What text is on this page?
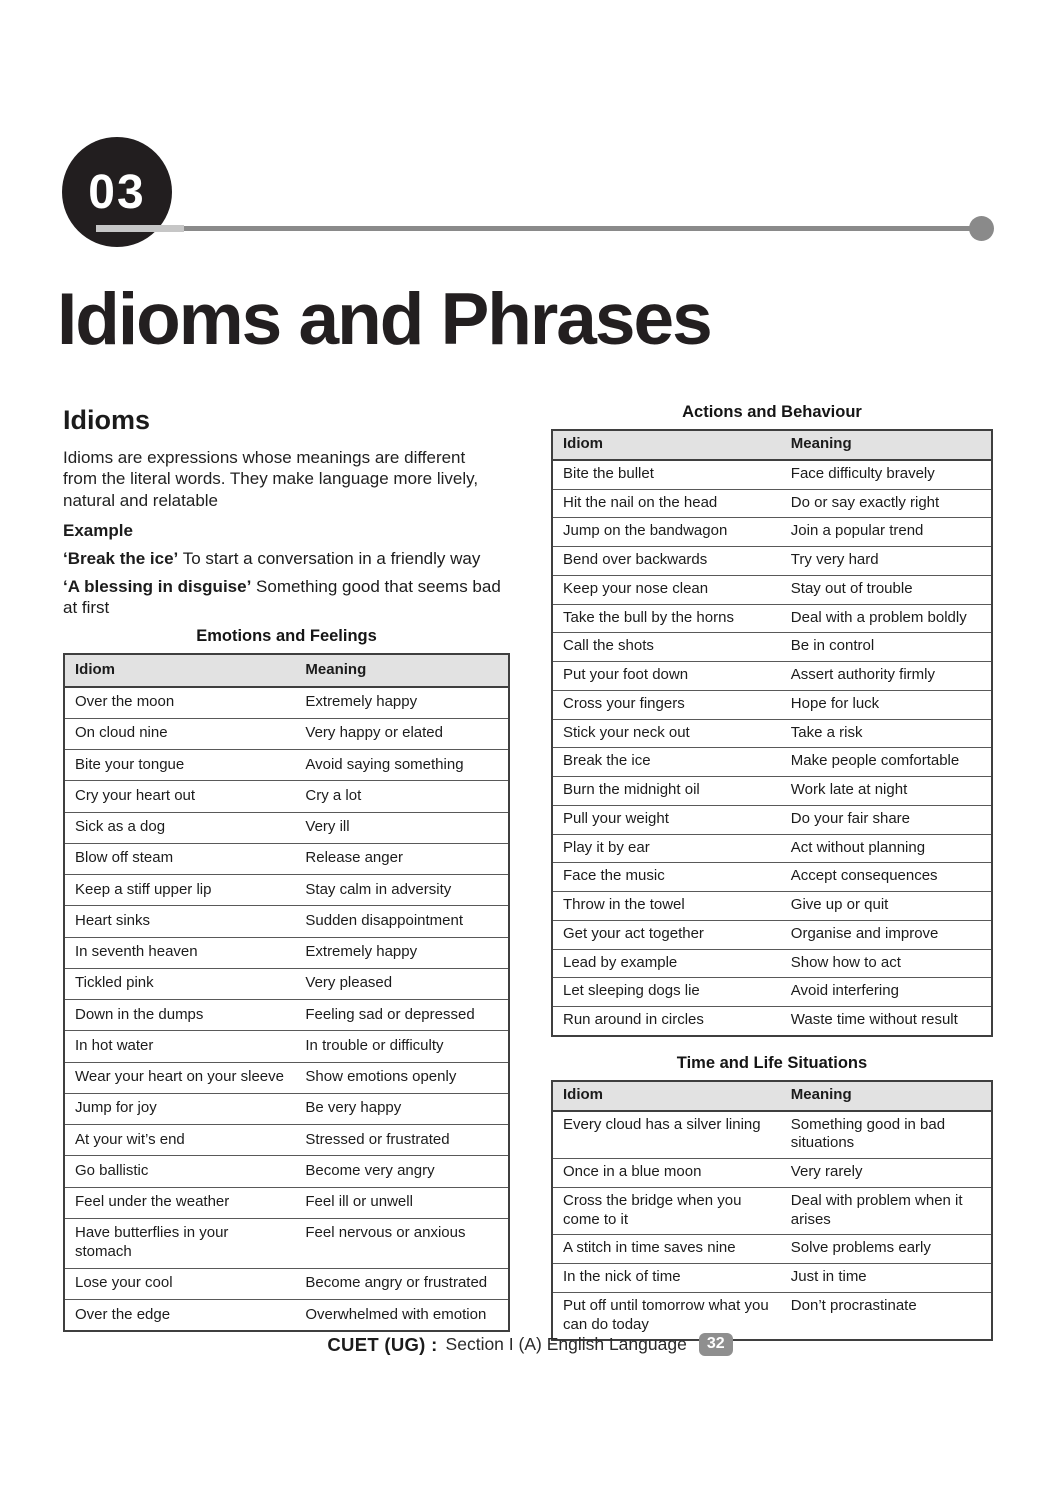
03
Idioms and Phrases
Idioms

Idioms are expressions whose meanings are different from the literal words. They make language more lively, natural and relatable

Example

‘Break the ice’ To start a conversation in a friendly way

‘A blessing in disguise’ Something good that seems bad at first

Emotions and Feelings
Idiom	Meaning
Over the moon	Extremely happy
On cloud nine	Very happy or elated
Bite your tongue	Avoid saying something
Cry your heart out	Cry a lot
Sick as a dog	Very ill
Blow off steam	Release anger
Keep a stiff upper lip	Stay calm in adversity
Heart sinks	Sudden disappointment
In seventh heaven	Extremely happy
Tickled pink	Very pleased
Down in the dumps	Feeling sad or depressed
In hot water	In trouble or difficulty
Wear your heart on your sleeve	Show emotions openly
Jump for joy	Be very happy
At your wit’s end	Stressed or frustrated
Go ballistic	Become very angry
Feel under the weather	Feel ill or unwell
Have butterflies in your stomach	Feel nervous or anxious
Lose your cool	Become angry or frustrated
Over the edge	Overwhelmed with emotion
Actions and Behaviour
Idiom	Meaning
Bite the bullet	Face difficulty bravely
Hit the nail on the head	Do or say exactly right
Jump on the bandwagon	Join a popular trend
Bend over backwards	Try very hard
Keep your nose clean	Stay out of trouble
Take the bull by the horns	Deal with a problem boldly
Call the shots	Be in control
Put your foot down	Assert authority firmly
Cross your fingers	Hope for luck
Stick your neck out	Take a risk
Break the ice	Make people comfortable
Burn the midnight oil	Work late at night
Pull your weight	Do your fair share
Play it by ear	Act without planning
Face the music	Accept consequences
Throw in the towel	Give up or quit
Get your act together	Organise and improve
Lead by example	Show how to act
Let sleeping dogs lie	Avoid interfering
Run around in circles	Waste time without result
Time and Life Situations
Idiom	Meaning
Every cloud has a silver lining	Something good in bad situations
Once in a blue moon	Very rarely
Cross the bridge when you come to it	Deal with problem when it arises
A stitch in time saves nine	Solve problems early
In the nick of time	Just in time
Put off until tomorrow what you can do today	Don’t procrastinate
CUET (UG) : Section I (A) English Language	32
